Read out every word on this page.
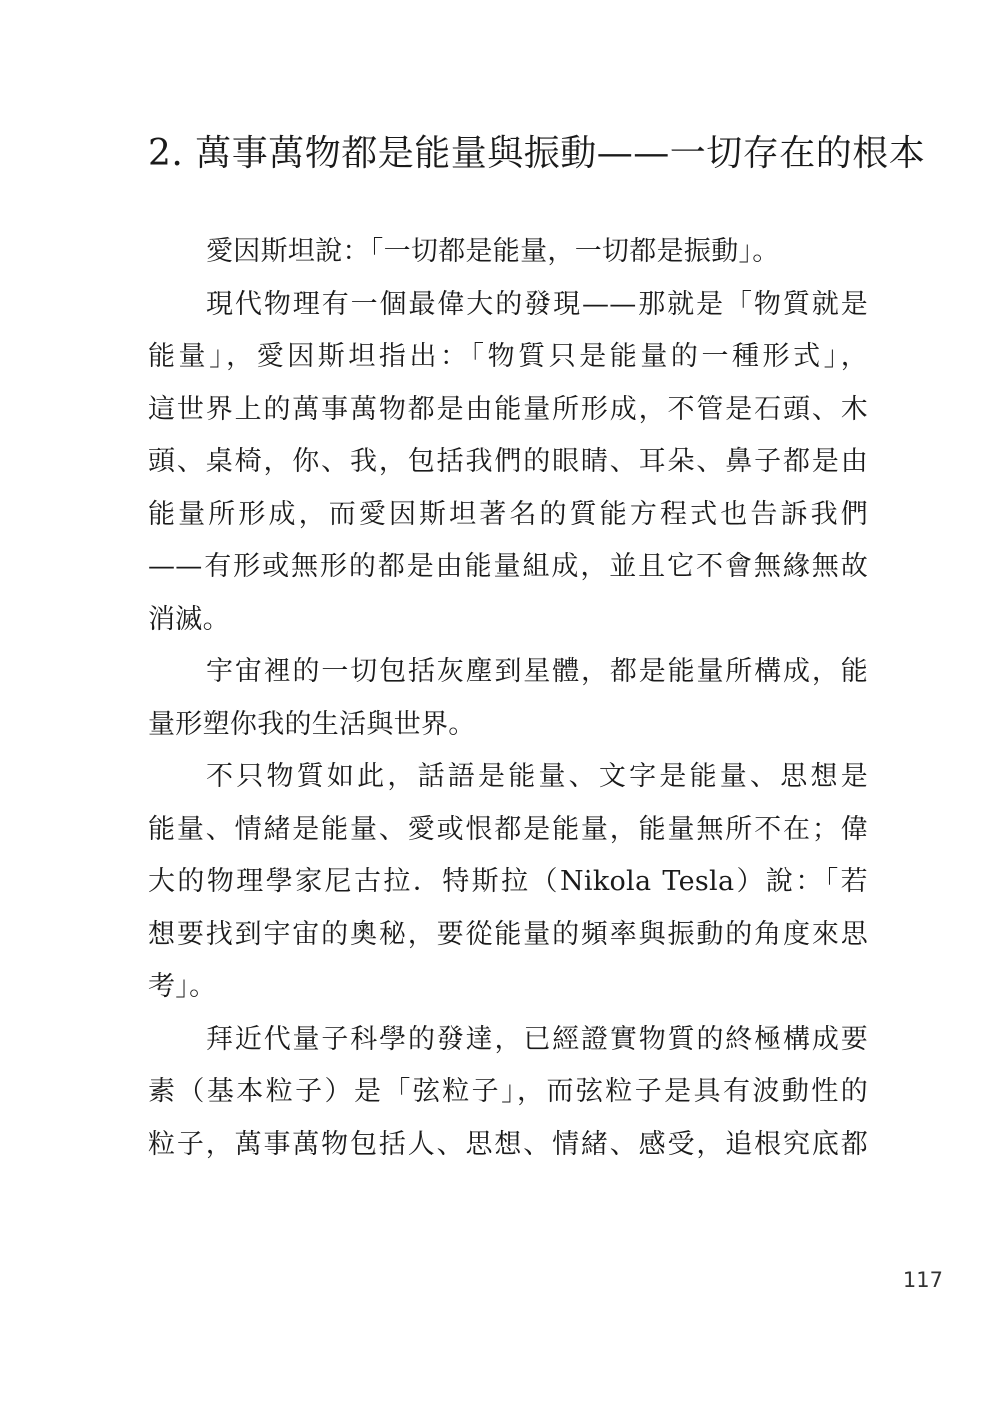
2. 萬事萬物都是能量與振動——一切存在的根本
愛因斯坦說：「一切都是能量，一切都是振動」。
現代物理有一個最偉大的發現——那就是「物質就是
能量」，愛因斯坦指出：「物質只是能量的一種形式」，
這世界上的萬事萬物都是由能量所形成，不管是石頭、木
頭、桌椅，你、我，包括我們的眼睛、耳朵、鼻子都是由
能量所形成，而愛因斯坦著名的質能方程式也告訴我們
——有形或無形的都是由能量組成，並且它不會無緣無故
消滅。
宇宙裡的一切包括灰塵到星體，都是能量所構成，能
量形塑你我的生活與世界。
不只物質如此，話語是能量、文字是能量、思想是
能量、情緒是能量、愛或恨都是能量，能量無所不在；偉
大的物理學家尼古拉．特斯拉（Nikola Tesla）說：「若
想要找到宇宙的奧秘，要從能量的頻率與振動的角度來思
考」。
拜近代量子科學的發達，已經證實物質的終極構成要
素（基本粒子）是「弦粒子」，而弦粒子是具有波動性的
粒子，萬事萬物包括人、思想、情緒、感受，追根究底都
117
